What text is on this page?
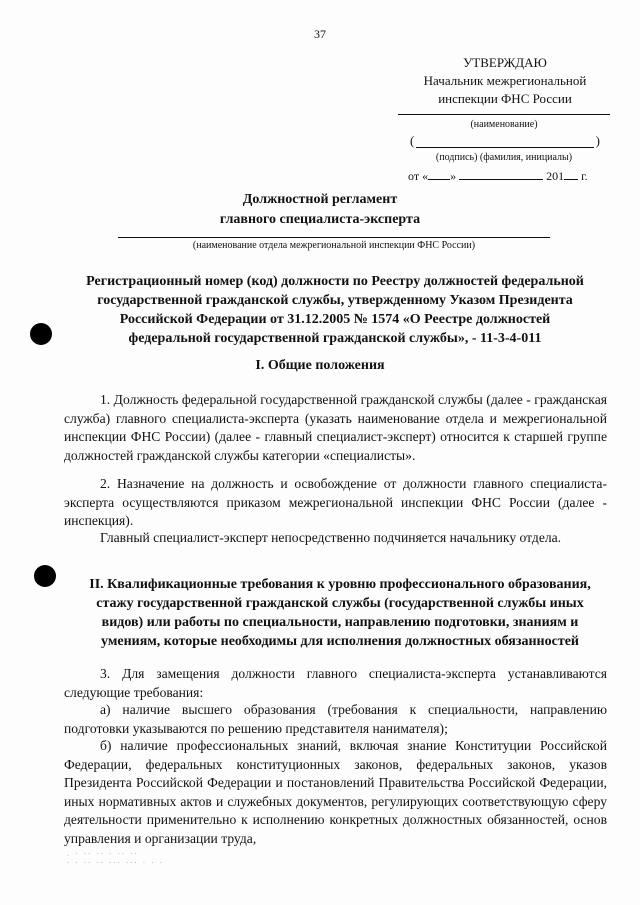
37
УТВЕРЖДАЮ
Начальник межрегиональной
инспекции ФНС России
(наименование)
(	)
(подпись) (фамилия, инициалы)
от « »	201 г.
Должностной регламент
главного специалиста-эксперта
(наименование отдела межрегиональной инспекции ФНС России)
Регистрационный номер (код) должности по Реестру должностей федеральной
государственной гражданской службы, утвержденному Указом Президента
Российской Федерации от 31.12.2005 № 1574 «О Реестре должностей
федеральной государственной гражданской службы», - 11-3-4-011
I. Общие положения
1. Должность федеральной государственной гражданской службы (далее - гражданская служба) главного специалиста-эксперта (указать наименование отдела и межрегиональной инспекции ФНС России) (далее - главный специалист-эксперт) относится к старшей группе должностей гражданской службы категории «специалисты».
2. Назначение на должность и освобождение от должности главного специалиста-эксперта осуществляются приказом межрегиональной инспекции ФНС России (далее - инспекция).
Главный специалист-эксперт непосредственно подчиняется начальнику отдела.
II. Квалификационные требования к уровню профессионального образования,
стажу государственной гражданской службы (государственной службы иных
видов) или работы по специальности, направлению подготовки, знаниям и
умениям, которые необходимы для исполнения должностных обязанностей
3. Для замещения должности главного специалиста-эксперта устанавливаются следующие требования:
а) наличие высшего образования (требования к специальности, направлению подготовки указываются по решению представителя нанимателя);
б) наличие профессиональных знаний, включая знание Конституции Российской Федерации, федеральных конституционных законов, федеральных законов, указов Президента Российской Федерации и постановлений Правительства Российской Федерации, иных нормативных актов и служебных документов, регулирующих соответствующую сферу деятельности применительно к исполнению конкретных должностных обязанностей, основ управления и организации труда,
. · ·· ·· · ·· ··
· · ·· ·· ··· ··· · · ·
